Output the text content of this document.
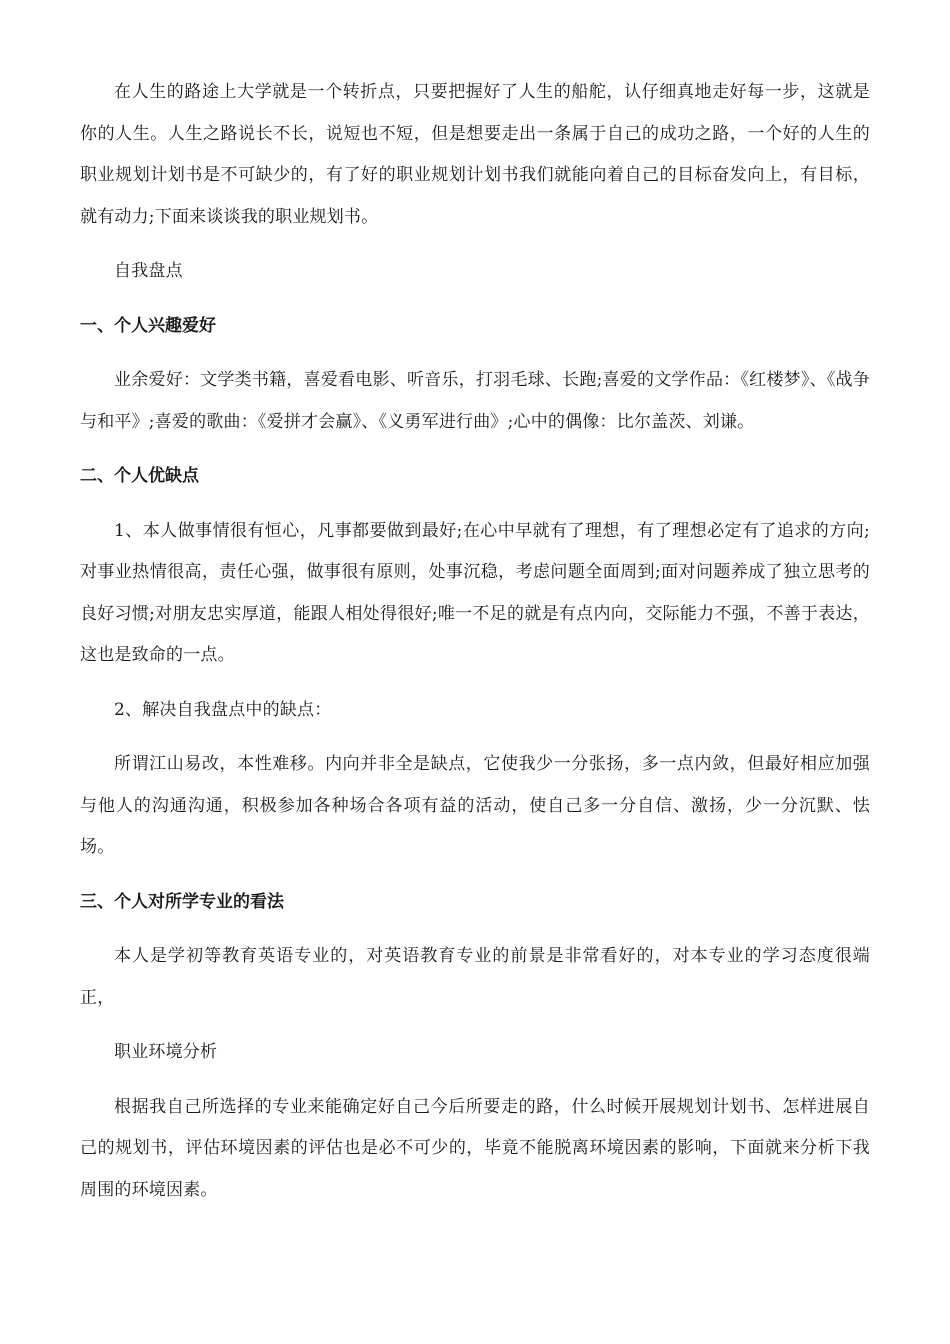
在人生的路途上大学就是一个转折点，只要把握好了人生的船舵，认仔细真地走好每一步，这就是你的人生。人生之路说长不长，说短也不短，但是想要走出一条属于自己的成功之路，一个好的人生的职业规划计划书是不可缺少的，有了好的职业规划计划书我们就能向着自己的目标奋发向上，有目标，就有动力;下面来谈谈我的职业规划书。

自我盘点

一、个人兴趣爱好

业余爱好：文学类书籍，喜爱看电影、听音乐，打羽毛球、长跑;喜爱的文学作品：《红楼梦》、《战争与和平》;喜爱的歌曲：《爱拼才会赢》、《义勇军进行曲》;心中的偶像：比尔盖茨、刘谦。

二、个人优缺点

1、本人做事情很有恒心，凡事都要做到最好;在心中早就有了理想，有了理想必定有了追求的方向;对事业热情很高，责任心强，做事很有原则，处事沉稳，考虑问题全面周到;面对问题养成了独立思考的良好习惯;对朋友忠实厚道，能跟人相处得很好;唯一不足的就是有点内向，交际能力不强，不善于表达，这也是致命的一点。

2、解决自我盘点中的缺点：

所谓江山易改，本性难移。内向并非全是缺点，它使我少一分张扬，多一点内敛，但最好相应加强与他人的沟通沟通，积极参加各种场合各项有益的活动，使自己多一分自信、激扬，少一分沉默、怯场。

三、个人对所学专业的看法

本人是学初等教育英语专业的，对英语教育专业的前景是非常看好的，对本专业的学习态度很端正，

职业环境分析

根据我自己所选择的专业来能确定好自己今后所要走的路，什么时候开展规划计划书、怎样进展自己的规划书，评估环境因素的评估也是必不可少的，毕竟不能脱离环境因素的影响，下面就来分析下我周围的环境因素。
